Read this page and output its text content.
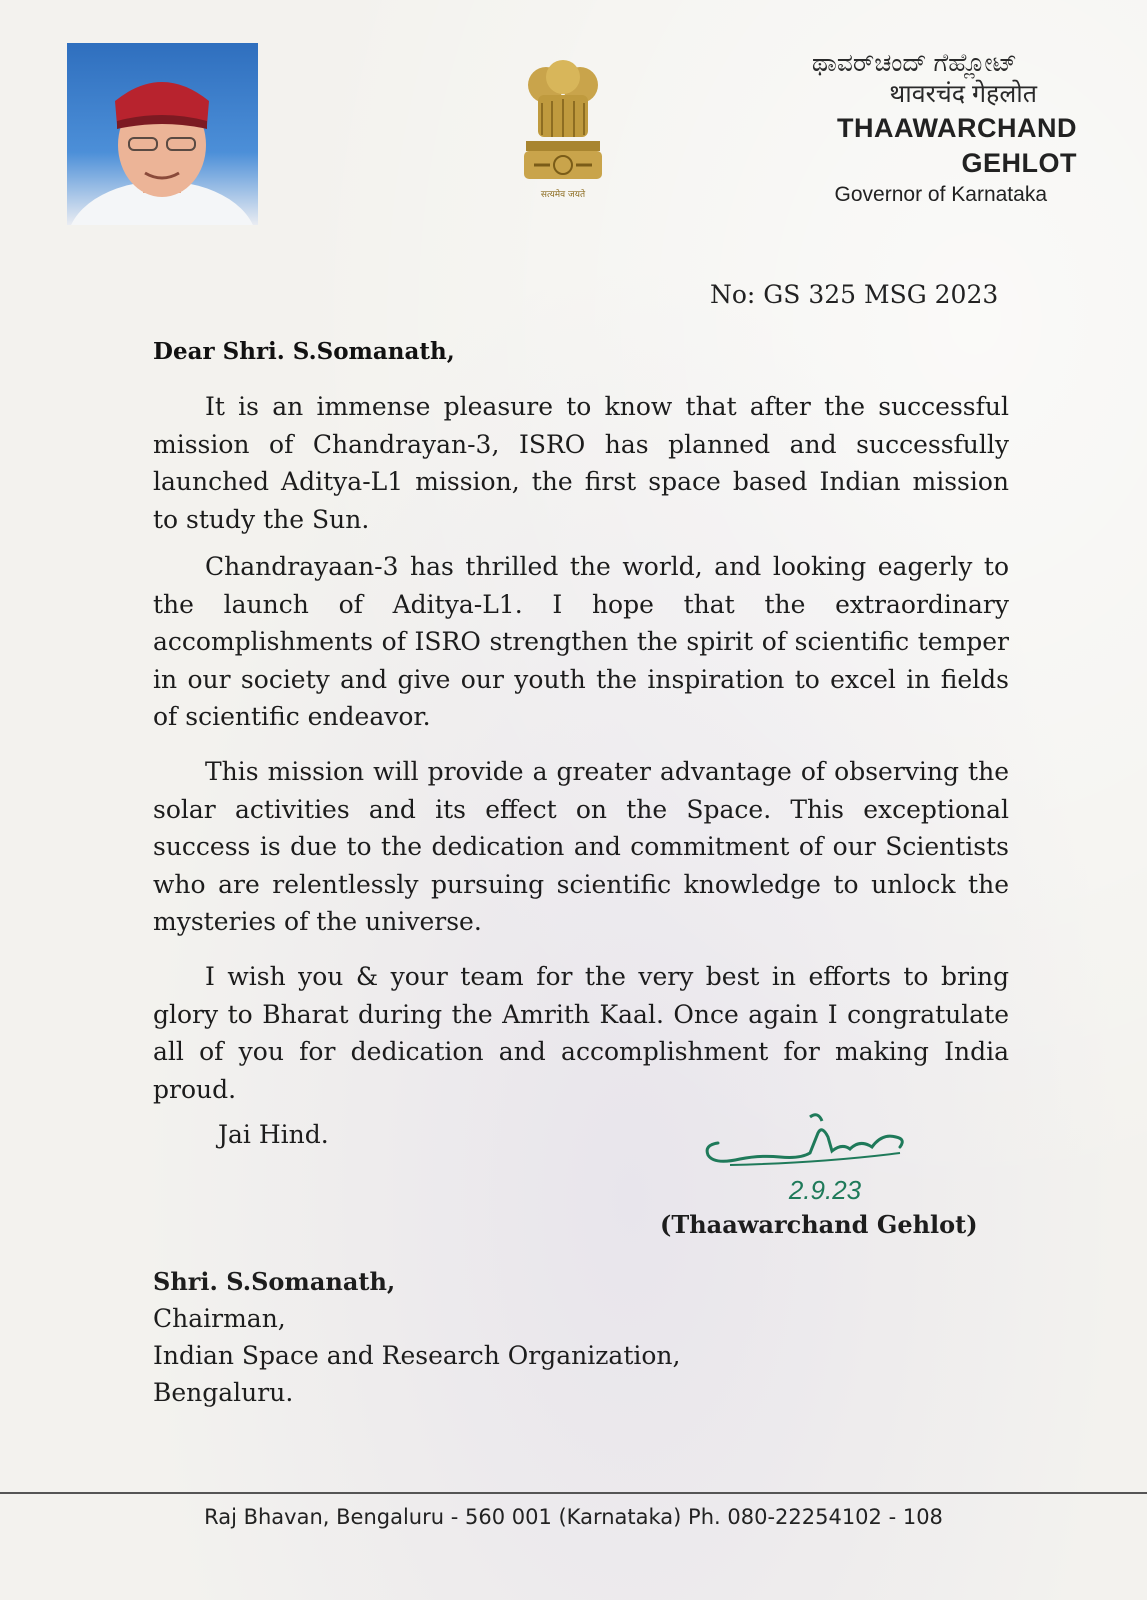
सत्यमेव जयते
ಥಾವರ್‌ಚಂದ್ ಗೆಹ್ಲೋಟ್
थावरचंद गेहलोत
THAAWARCHAND GEHLOT
Governor of Karnataka
No: GS 325 MSG 2023
Dear Shri. S.Somanath,

It is an immense pleasure to know that after the successful mission of Chandrayan-3, ISRO has planned and successfully launched Aditya-L1 mission, the first space based Indian mission to study the Sun.

Chandrayaan-3 has thrilled the world, and looking eagerly to the launch of Aditya-L1. I hope that the extraordinary accomplishments of ISRO strengthen the spirit of scientific temper in our society and give our youth the inspiration to excel in fields of scientific endeavor.

This mission will provide a greater advantage of observing the solar activities and its effect on the Space. This exceptional success is due to the dedication and commitment of our Scientists who are relentlessly pursuing scientific knowledge to unlock the mysteries of the universe.

I wish you & your team for the very best in efforts to bring glory to Bharat during the Amrith Kaal. Once again I congratulate all of you for dedication and accomplishment for making India proud.

Jai Hind.
2.9.23
(Thaawarchand Gehlot)
Shri. S.Somanath,
Chairman,
Indian Space and Research Organization,
Bengaluru.
Raj Bhavan, Bengaluru - 560 001 (Karnataka) Ph. 080-22254102 - 108
